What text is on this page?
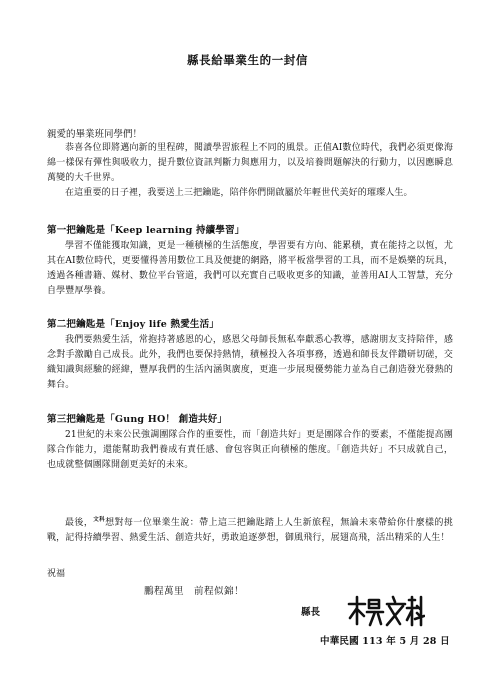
縣長給畢業生的一封信
親愛的畢業班同學們！

恭喜各位即將邁向新的里程碑，閱讀學習旅程上不同的風景。正值AI數位時代，我們必須更像海綿一樣保有彈性與吸收力，提升數位資訊判斷力與應用力，以及培養問題解決的行動力，以因應瞬息萬變的大千世界。

在這重要的日子裡，我要送上三把鑰匙，陪伴你們開啟屬於年輕世代美好的璀璨人生。

第一把鑰匙是「Keep learning 持續學習」

學習不僅能獲取知識，更是一種積極的生活態度，學習要有方向、能累積，責在能持之以恆，尤其在AI數位時代，更要懂得善用數位工具及便捷的網路，將平板當學習的工具，而不是娛樂的玩具，透過各種書籍、媒材、數位平台管道，我們可以充實自己吸收更多的知識，並善用AI人工智慧，充分自學豐厚學養。

第二把鑰匙是「Enjoy life 熱愛生活」

我們要熱愛生活，常抱持著感恩的心，感恩父母師長無私奉獻悉心教導，感謝朋友支持陪伴，感念對手激勵自己成長。此外，我們也要保持熱情，積極投入各項事務，透過和師長友伴鑽研切磋，交織知識與經驗的經緯，豐厚我們的生活內涵與廣度，更進一步展現優勢能力並為自己創造發光發熱的舞台。

第三把鑰匙是「Gung HO！ 創造共好」

21世紀的未來公民強調團隊合作的重要性，而「創造共好」更是團隊合作的要素，不僅能提高團隊合作能力，還能幫助我們養成有責任感、會包容與正向積極的態度。「創造共好」不只成就自己，也成就整個團隊開創更美好的未來。

最後，$^{文科}$想對每一位畢業生說：帶上這三把鑰匙踏上人生新旅程，無論未來帶給你什麼樣的挑戰，記得持續學習、熱愛生活、創造共好，勇敢追逐夢想，御風飛行，展翅高飛，活出精采的人生！

祝福
鵬程萬里　前程似錦！
縣長
中華民國 113 年 5 月 28 日
